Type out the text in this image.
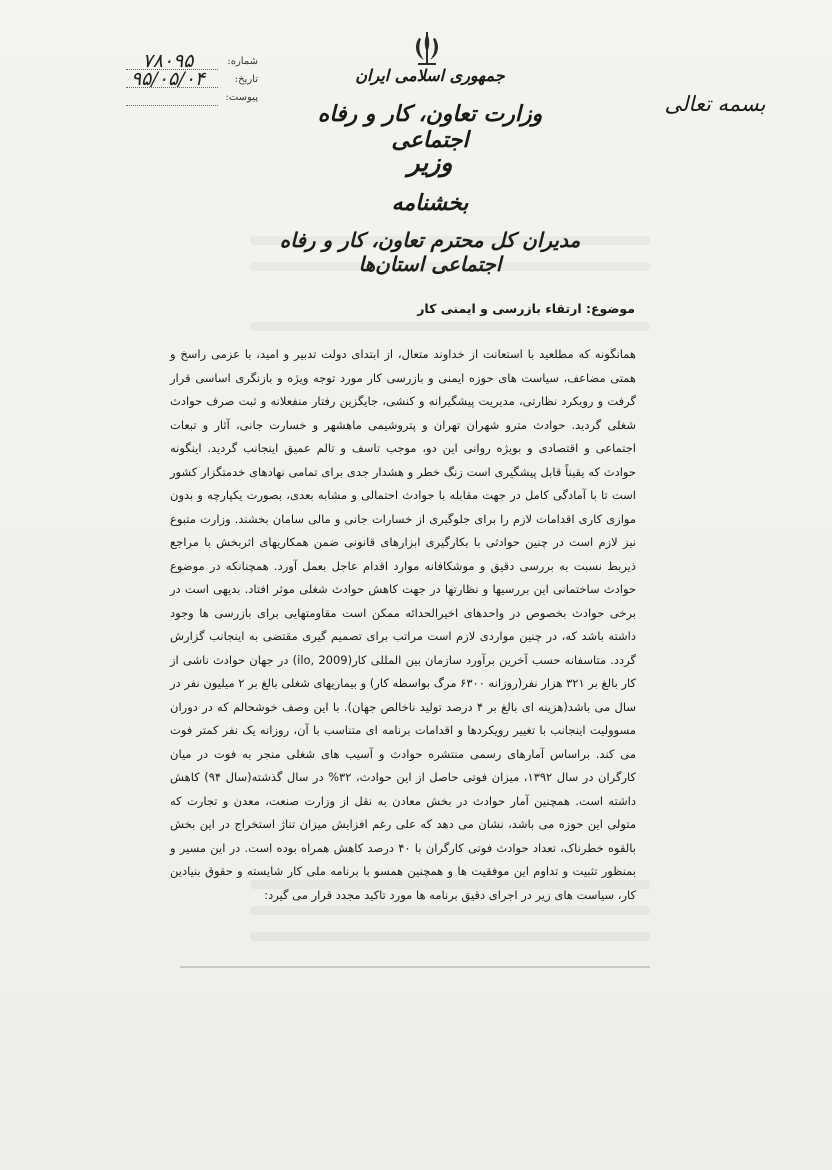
جمهوری اسلامی ایران
وزارت تعاون، کار و رفاه اجتماعی
وزیر
بخشنامه
مدیران کل محترم تعاون، کار و رفاه اجتماعی استان‌ها
بسمه تعالی
شماره:
۷۸۰۹۵
تاریخ:
۹۵/۰۵/۰۴
پیوست:
موضوع: ارتقاء بازرسی و ایمنی کار
همانگونه که مطلعید با استعانت از خداوند متعال، از ابتدای دولت تدبیر و امید، با عزمی راسخ و همتی مضاعف، سیاست های حوزه ایمنی و بازرسی کار مورد توجه ویژه و بازنگری اساسی قرار گرفت و رویکرد نظارتی، مدیریت پیشگیرانه و کنشی، جایگزین رفتار منفعلانه و ثبت صرف حوادث شغلی گردید. حوادث مترو شهران تهران و پتروشیمی ماهشهر و خسارت جانی، آثار و تبعات اجتماعی و اقتصادی و بویژه روانی این دو، موجب تاسف و تالم عمیق اینجانب گردید. اینگونه حوادث که یقیناً قابل پیشگیری است زنگ خطر و هشدار جدی برای تمامی نهادهای خدمتگزار کشور است تا با آمادگی کامل در جهت مقابله با حوادث احتمالی و مشابه بعدی، بصورت یکپارچه و بدون موازی کاری اقدامات لازم را برای جلوگیری از خسارات جانی و مالی سامان بخشند. وزارت متبوع نیز لازم است در چنین حوادثی با بکارگیری ابزارهای قانونی ضمن همکاریهای اثربخش با مراجع ذیربط نسبت به بررسی دقیق و موشکافانه موارد اقدام عاجل بعمل آورد. همچنانکه در موضوع حوادث ساختمانی این بررسیها و نظارتها در جهت کاهش حوادث شغلی موثر افتاد. بدیهی است در برخی حوادث بخصوص در واحدهای اخیرالحدائه ممکن است مقاومتهایی برای بازرسی ها وجود داشته باشد که، در چنین مواردی لازم است مراتب برای تصمیم گیری مقتضی به اینجانب گزارش گردد. متاسفانه حسب آخرین برآورد سازمان بین المللی کار(ilo, 2009) در جهان حوادث ناشی از کار بالغ بر ۳۲۱ هزار نفر(روزانه ۶۳۰۰ مرگ بواسطه کار) و بیماریهای شغلی بالغ بر ۲ میلیون نفر در سال می باشد(هزینه ای بالغ بر ۴ درصد تولید ناخالص جهان). با این وصف خوشحالم که در دوران مسوولیت اینجانب با تغییر رویکردها و اقدامات برنامه ای متناسب با آن، روزانه یک نفر کمتر فوت می کند. براساس آمارهای رسمی منتشره حوادث و آسیب های شغلی منجر به فوت در میان کارگران در سال ۱۳۹۲، میزان فوتی حاصل از این حوادث، ۳۲% در سال گذشته(سال ۹۴) کاهش داشته است. همچنین آمار حوادث در بخش معادن به نقل از وزارت صنعت، معدن و تجارت که متولی این حوزه می باشد، نشان می دهد که علی رغم افزایش میزان تناژ استخراج در این بخش بالقوه خطرناک، تعداد حوادث فوتی کارگران با ۴۰ درصد کاهش همراه بوده است. در این مسیر و بمنظور تثبیت و تداوم این موفقیت ها و همچنین همسو با برنامه ملی کار شایسته و حقوق بنیادین کار، سیاست های زیر در اجرای دقیق برنامه ها مورد تاکید مجدد قرار می گیرد:
